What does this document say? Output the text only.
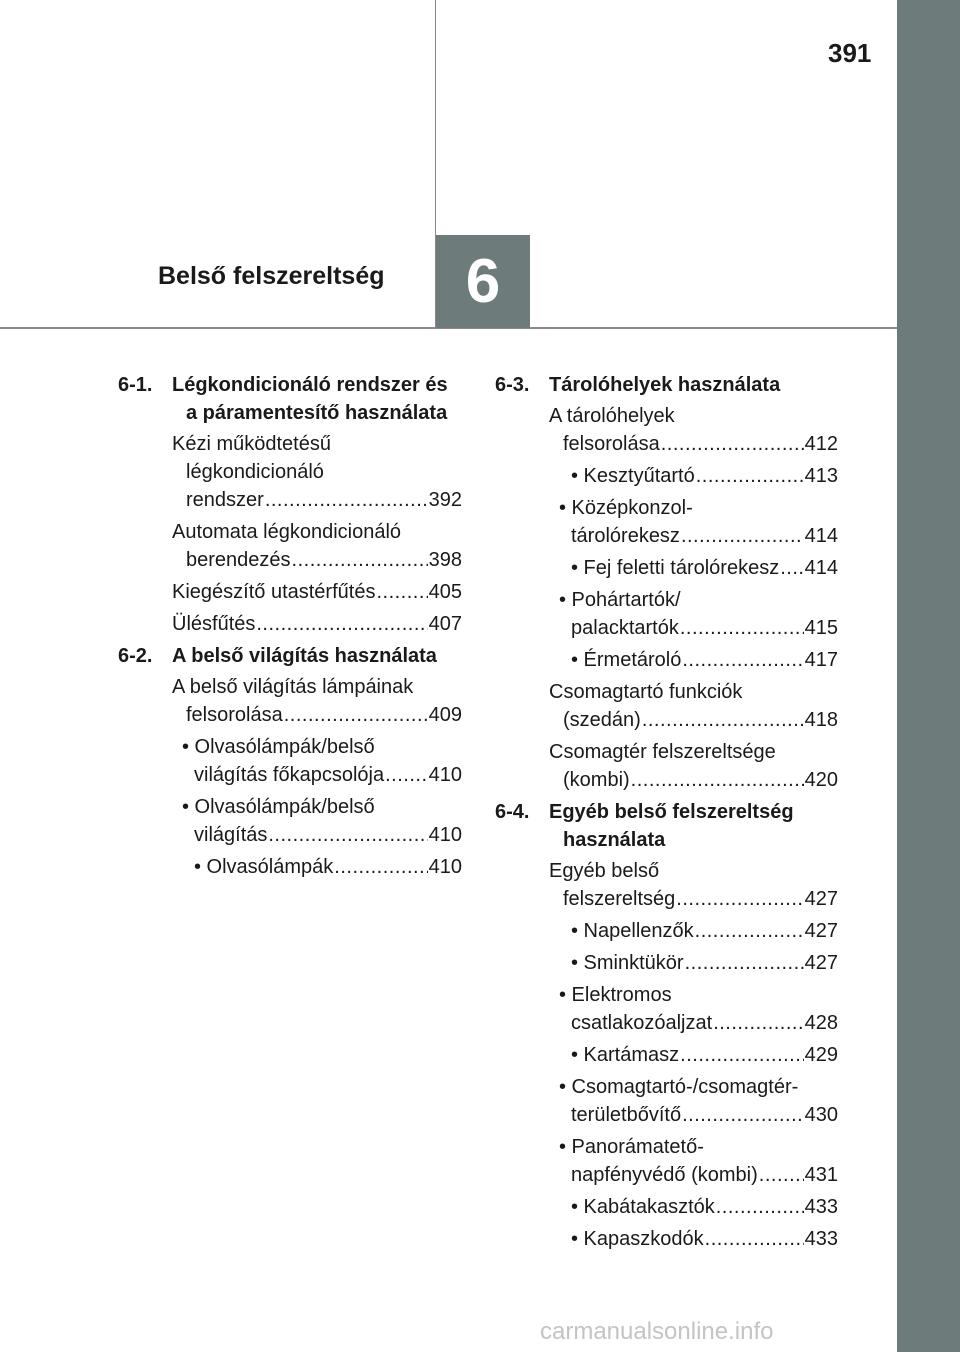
391
Belső felszereltség 6
6-1. Légkondicionáló rendszer és
a páramentesítő használata
Kézi működtetésű
légkondicionáló

rendszer .....	392
Automata légkondicionáló

berendezés .....	398
Kiegészítő utastérfűtés .....	405
Ülésfűtés .....	407
6-2. A belső világítás használata
A belső világítás lámpáinak

felsorolása .....	409
• Olvasólámpák/belső

világítás főkapcsolója ..... 410
• Olvasólámpák/belső

világítás .....	410
• Olvasólámpák .....	410
6-3. Tárolóhelyek használata
A tárolóhelyek

felsorolása .....	412
• Kesztyűtartó .....	413
• Középkonzol-

tárolórekesz .....	414
• Fej feletti tárolórekesz ..... 414
• Pohártartók/

palacktartók .....	415
• Érmetároló .....	417
Csomagtartó funkciók

(szedán) .....	418
Csomagtér felszereltsége

(kombi) .....	420
6-4. Egyéb belső felszereltség
használata
Egyéb belső

felszereltség .....	427
• Napellenzők .....	427
• Sminktükör .....	427
• Elektromos

csatlakozóaljzat .....	428
• Kartámasz .....	429
• Csomagtartó-/csomagtér-

területbővítő .....	430
• Panorámatető-

napfényvédő (kombi) ..... 431
• Kabátakasztók .....	433
• Kapaszkodók .....	433
carmanualsonline.info
